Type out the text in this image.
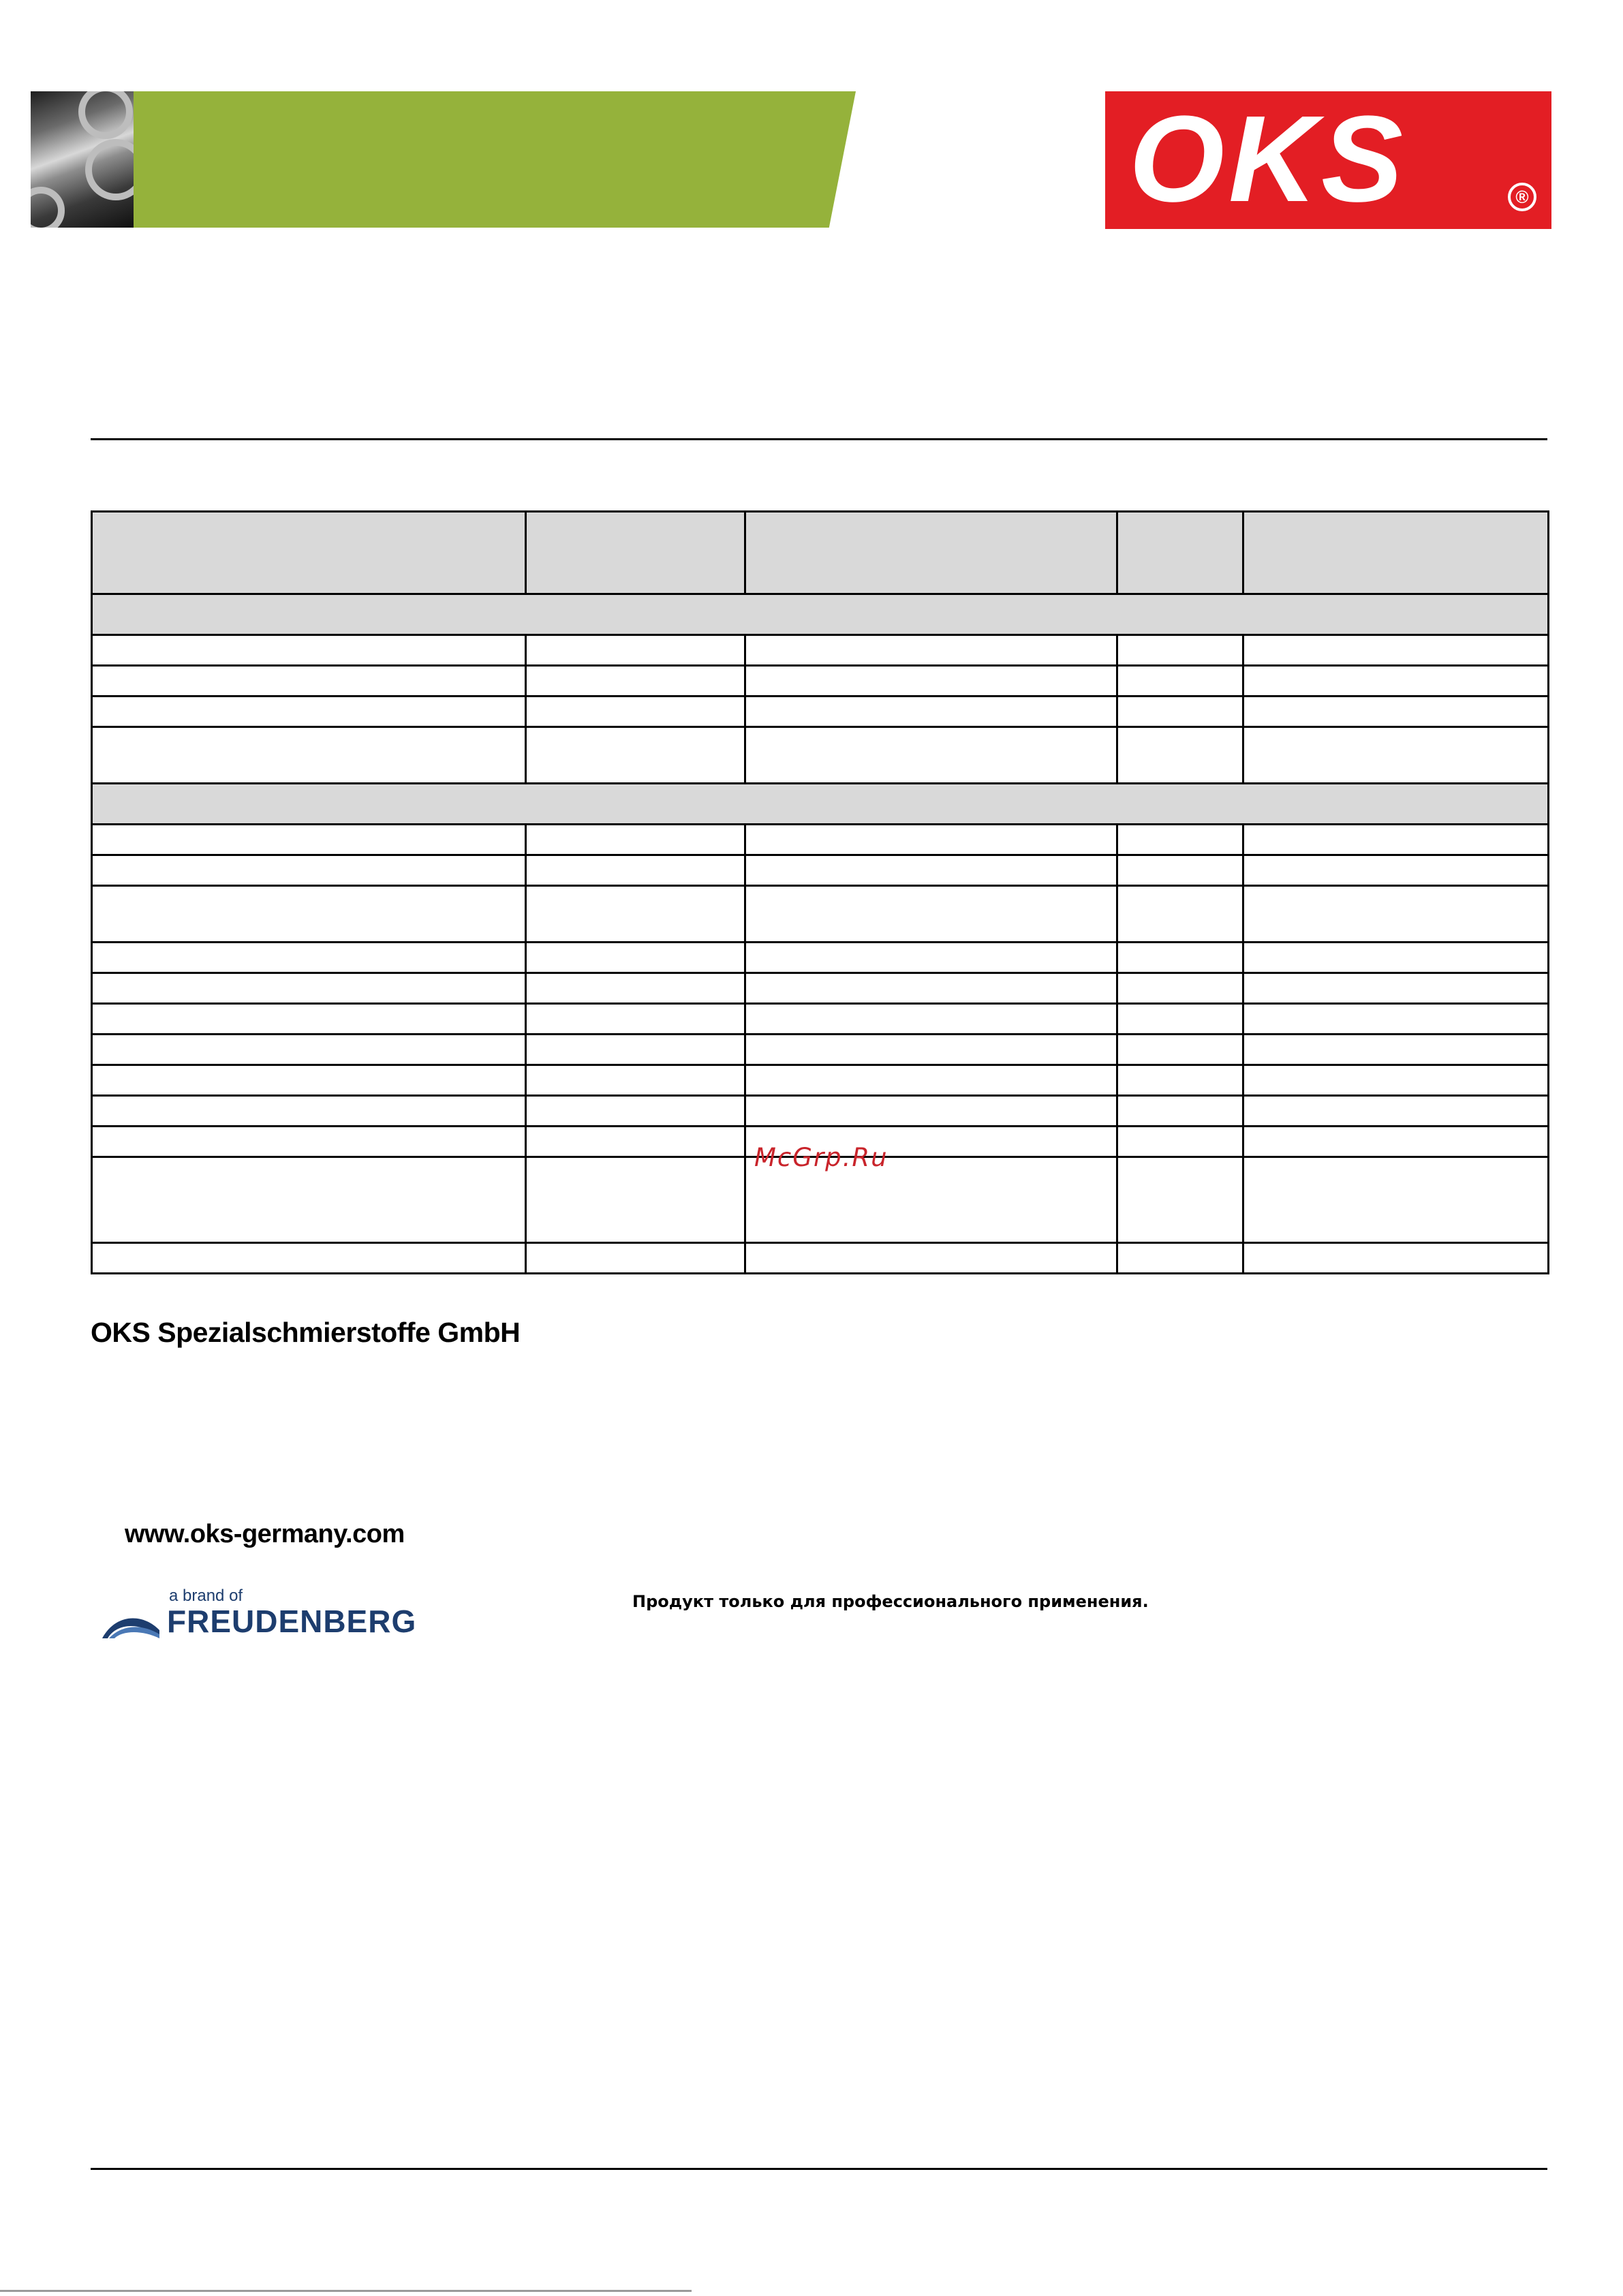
OKS	®

McGrp.Ru
OKS Spezialschmierstoffe GmbH
www.oks-germany.com
a brand of
FREUDENBERG
Продукт только для профессионального применения.
